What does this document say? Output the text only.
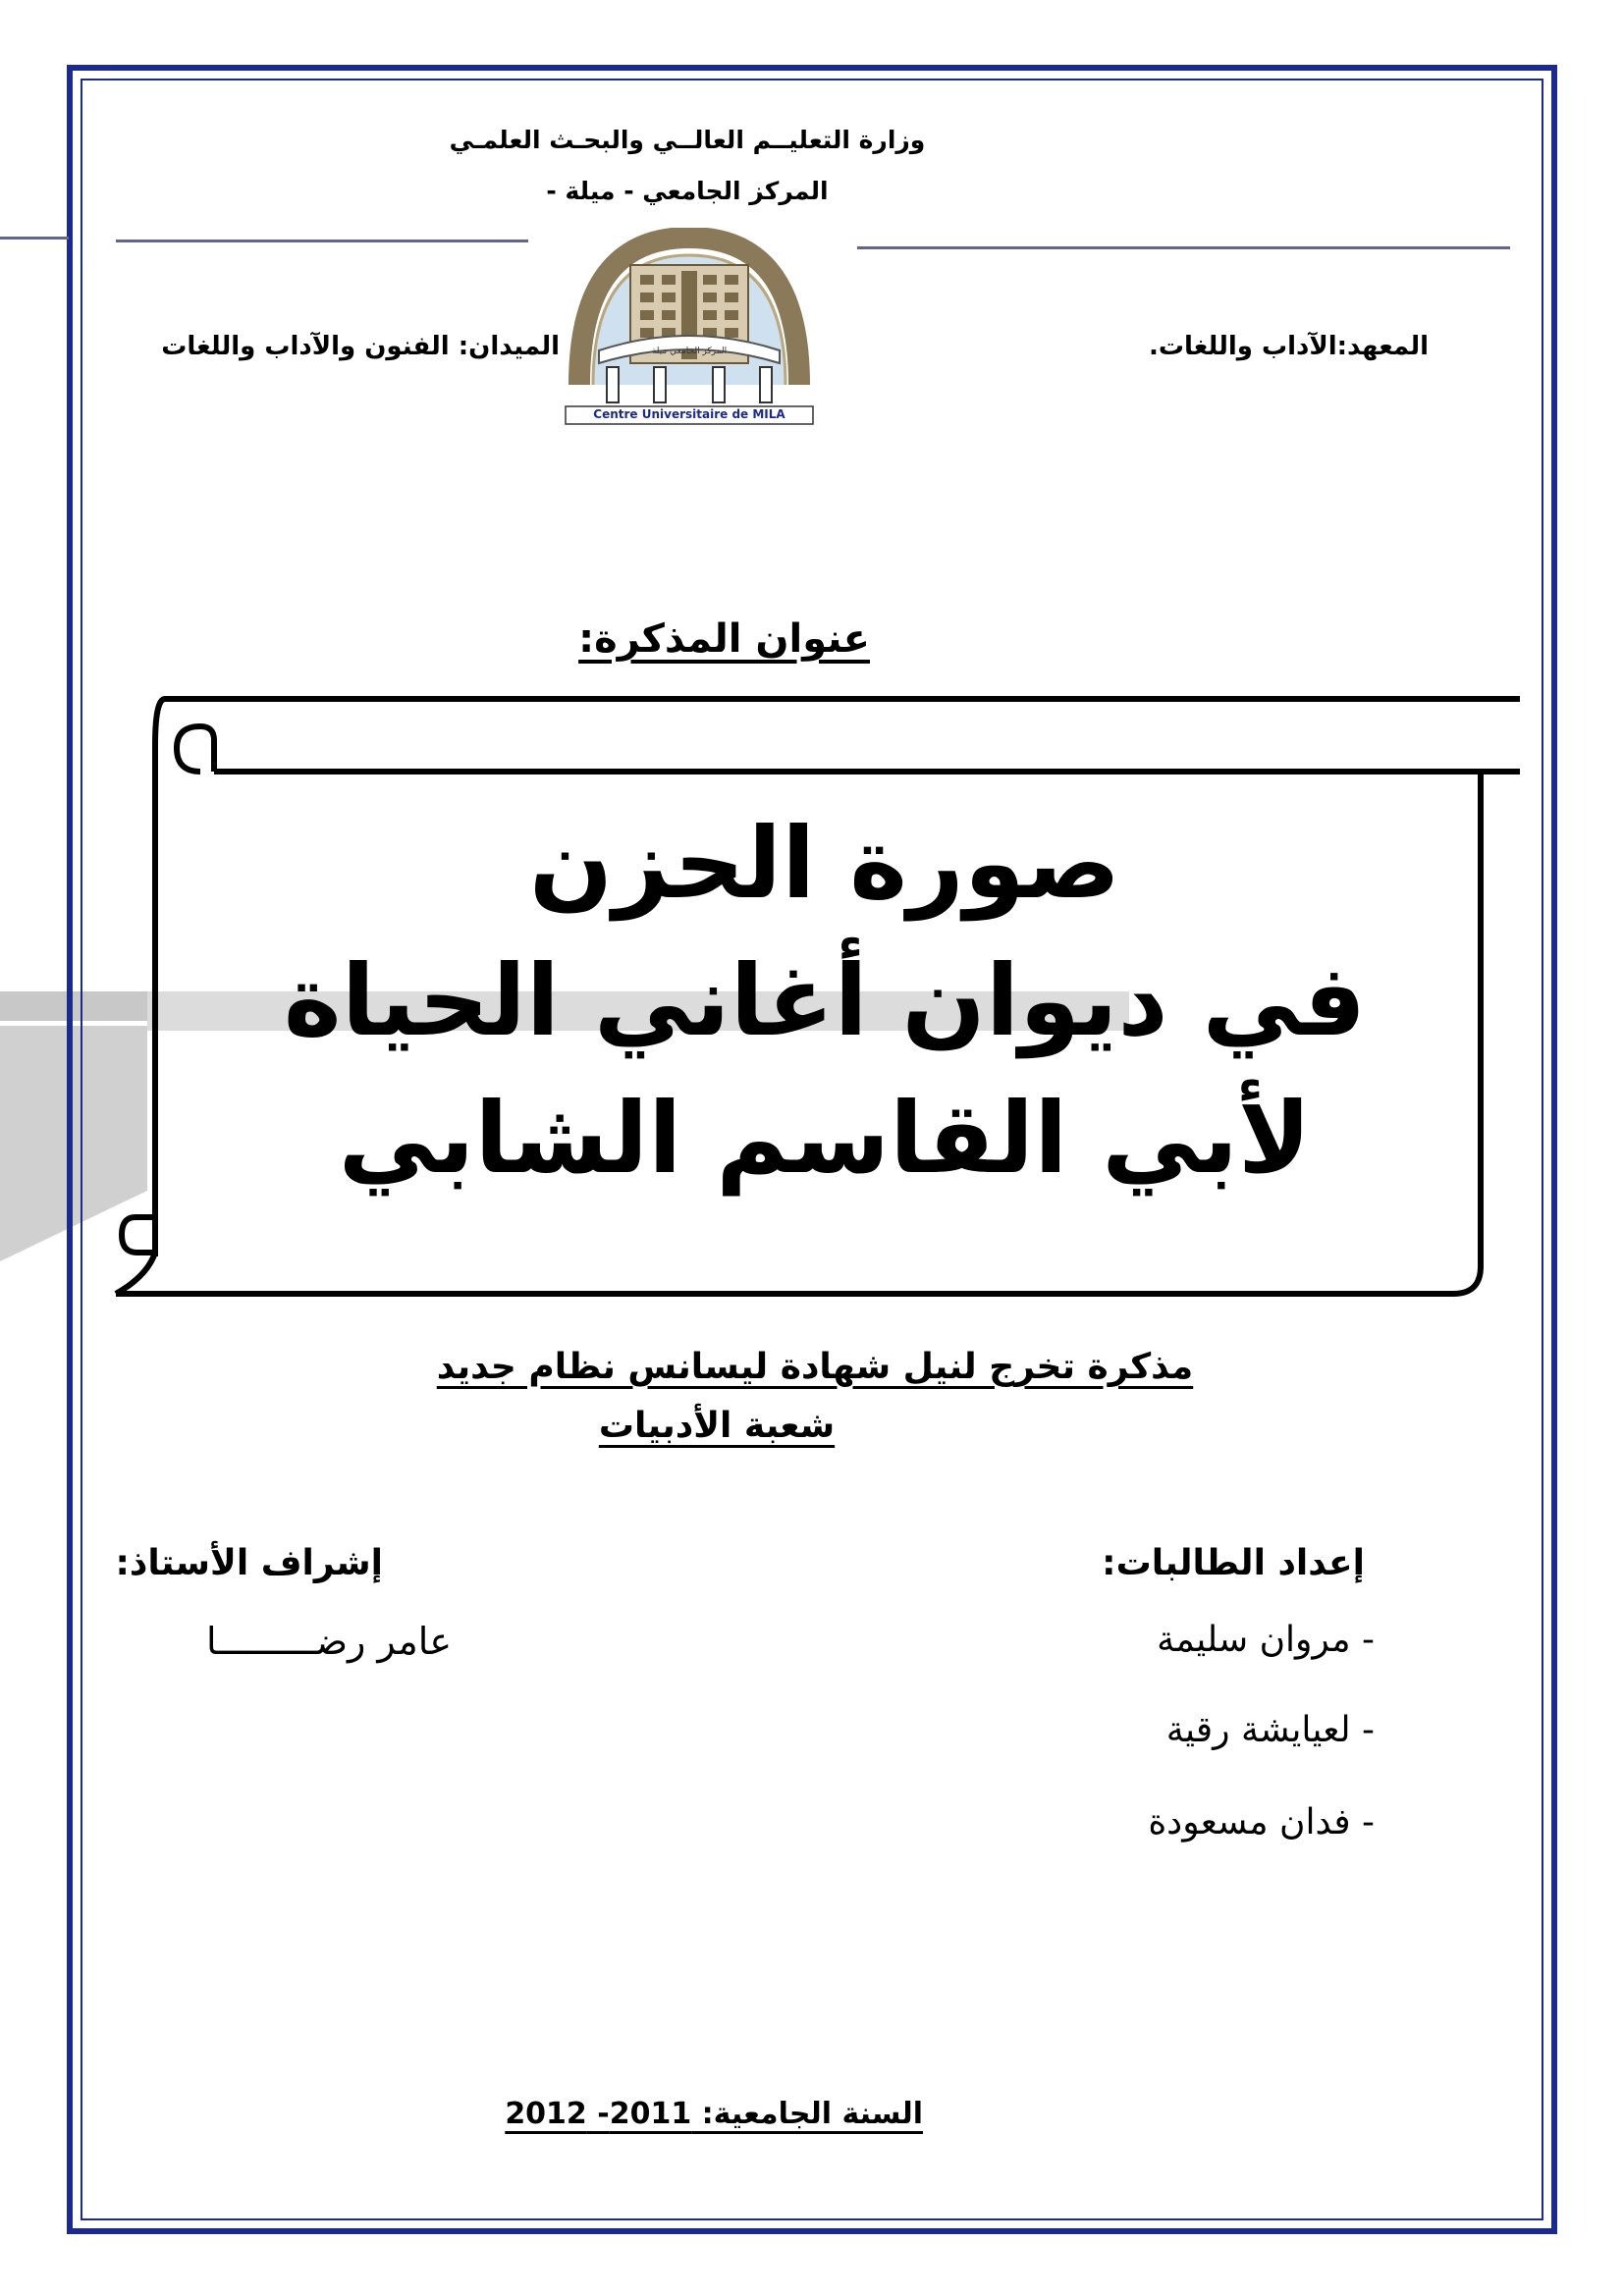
وزارة التعليــم العالــي والبحـث العلمـي
المركز الجامعي - ميلة -
المركز الجامعي ميلة
Centre Universitaire de MILA
المعهد:الآداب واللغات.
الميدان: الفنون والآداب واللغات
عنوان المذكرة:
صورة الحزن
في ديوان أغاني الحياة
لأبي القاسم الشابي
مذكرة تخرج لنيل شهادة ليسانس نظام جديد
شعبة الأدبيات
إعداد الطالبات:
- مروان سليمة
- لعيايشة رقية
- فدان مسعودة
إشراف الأستاذ:
عامر رضـــــــــا
السنة الجامعية: 2011- 2012
